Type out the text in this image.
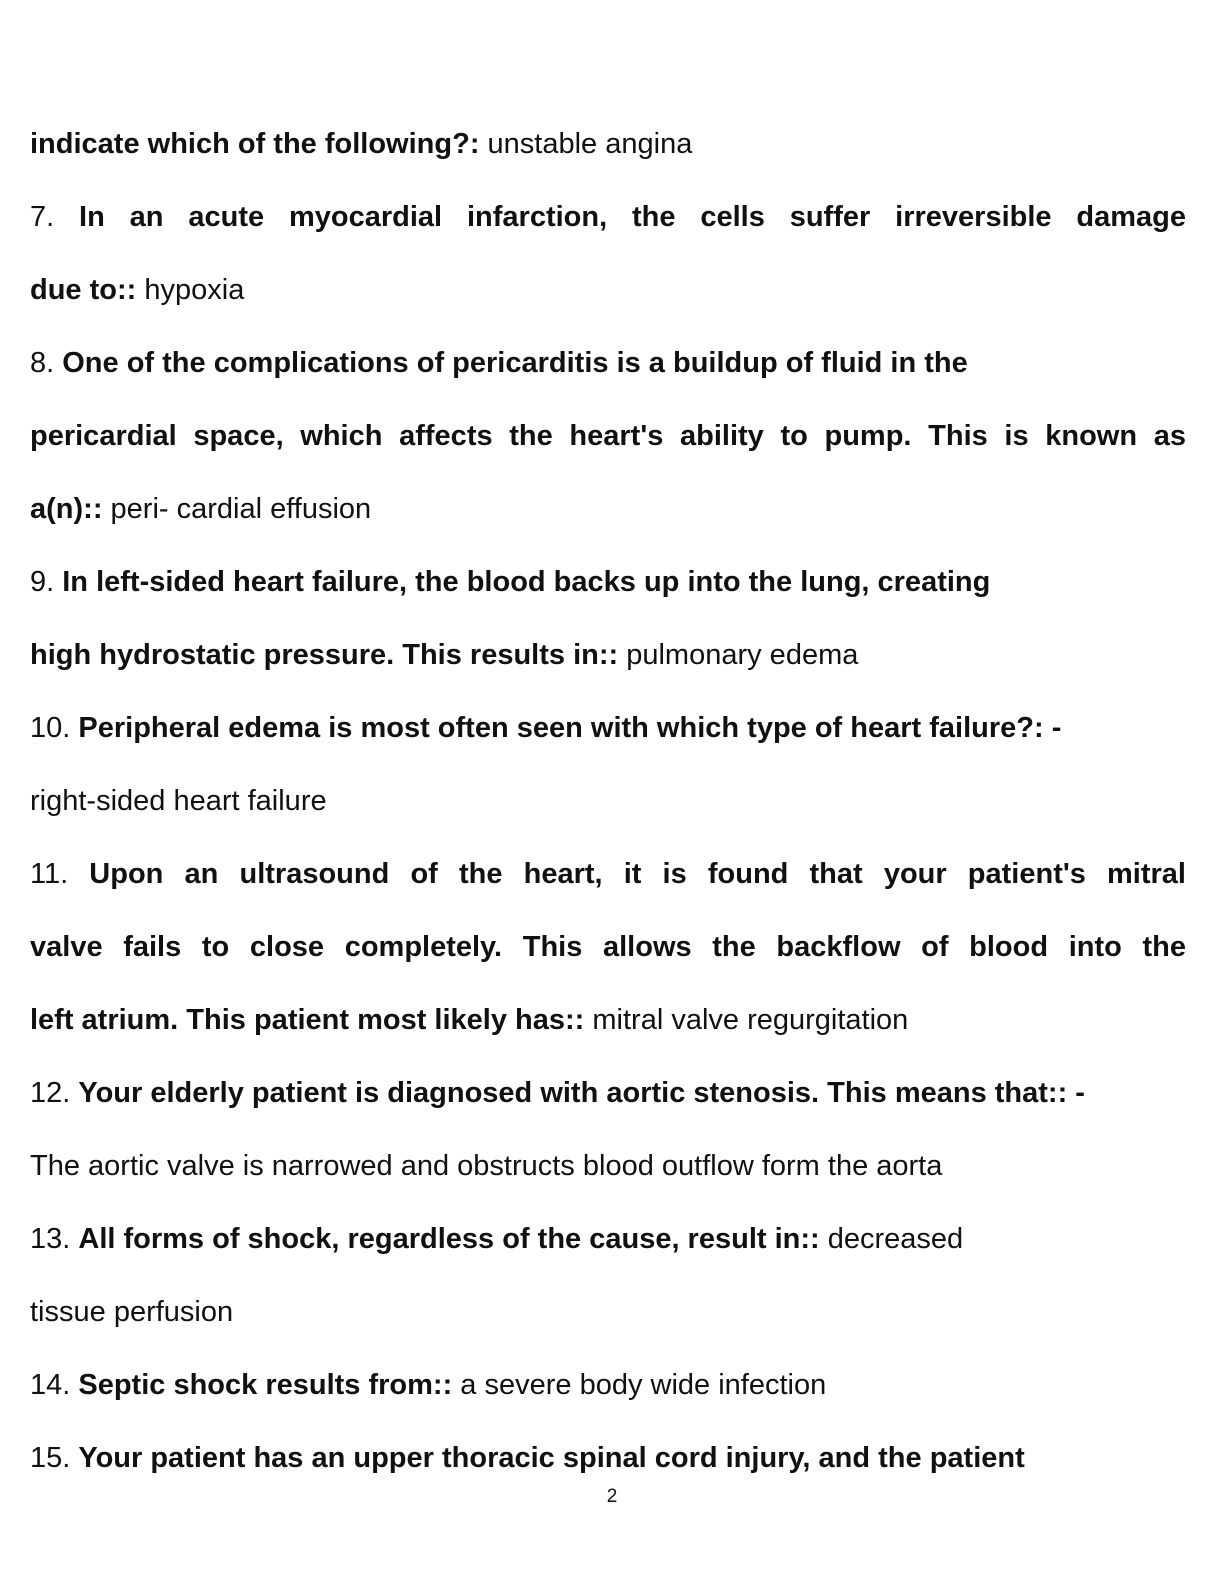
indicate which of the following?: unstable angina
7. In an acute myocardial infarction, the cells suffer irreversible damage
due to:: hypoxia
8. One of the complications of pericarditis is a buildup of fluid in the
pericardial space, which affects the heart's ability to pump. This is known as
a(n):: peri- cardial effusion
9. In left-sided heart failure, the blood backs up into the lung, creating
high hydrostatic pressure. This results in:: pulmonary edema
10. Peripheral edema is most often seen with which type of heart failure?: -
right-sided heart failure
11. Upon an ultrasound of the heart, it is found that your patient's mitral
valve fails to close completely. This allows the backflow of blood into the
left atrium. This patient most likely has:: mitral valve regurgitation
12. Your elderly patient is diagnosed with aortic stenosis. This means that:: -
The aortic valve is narrowed and obstructs blood outflow form the aorta
13. All forms of shock, regardless of the cause, result in:: decreased
tissue perfusion
14. Septic shock results from:: a severe body wide infection
15. Your patient has an upper thoracic spinal cord injury, and the patient
2
